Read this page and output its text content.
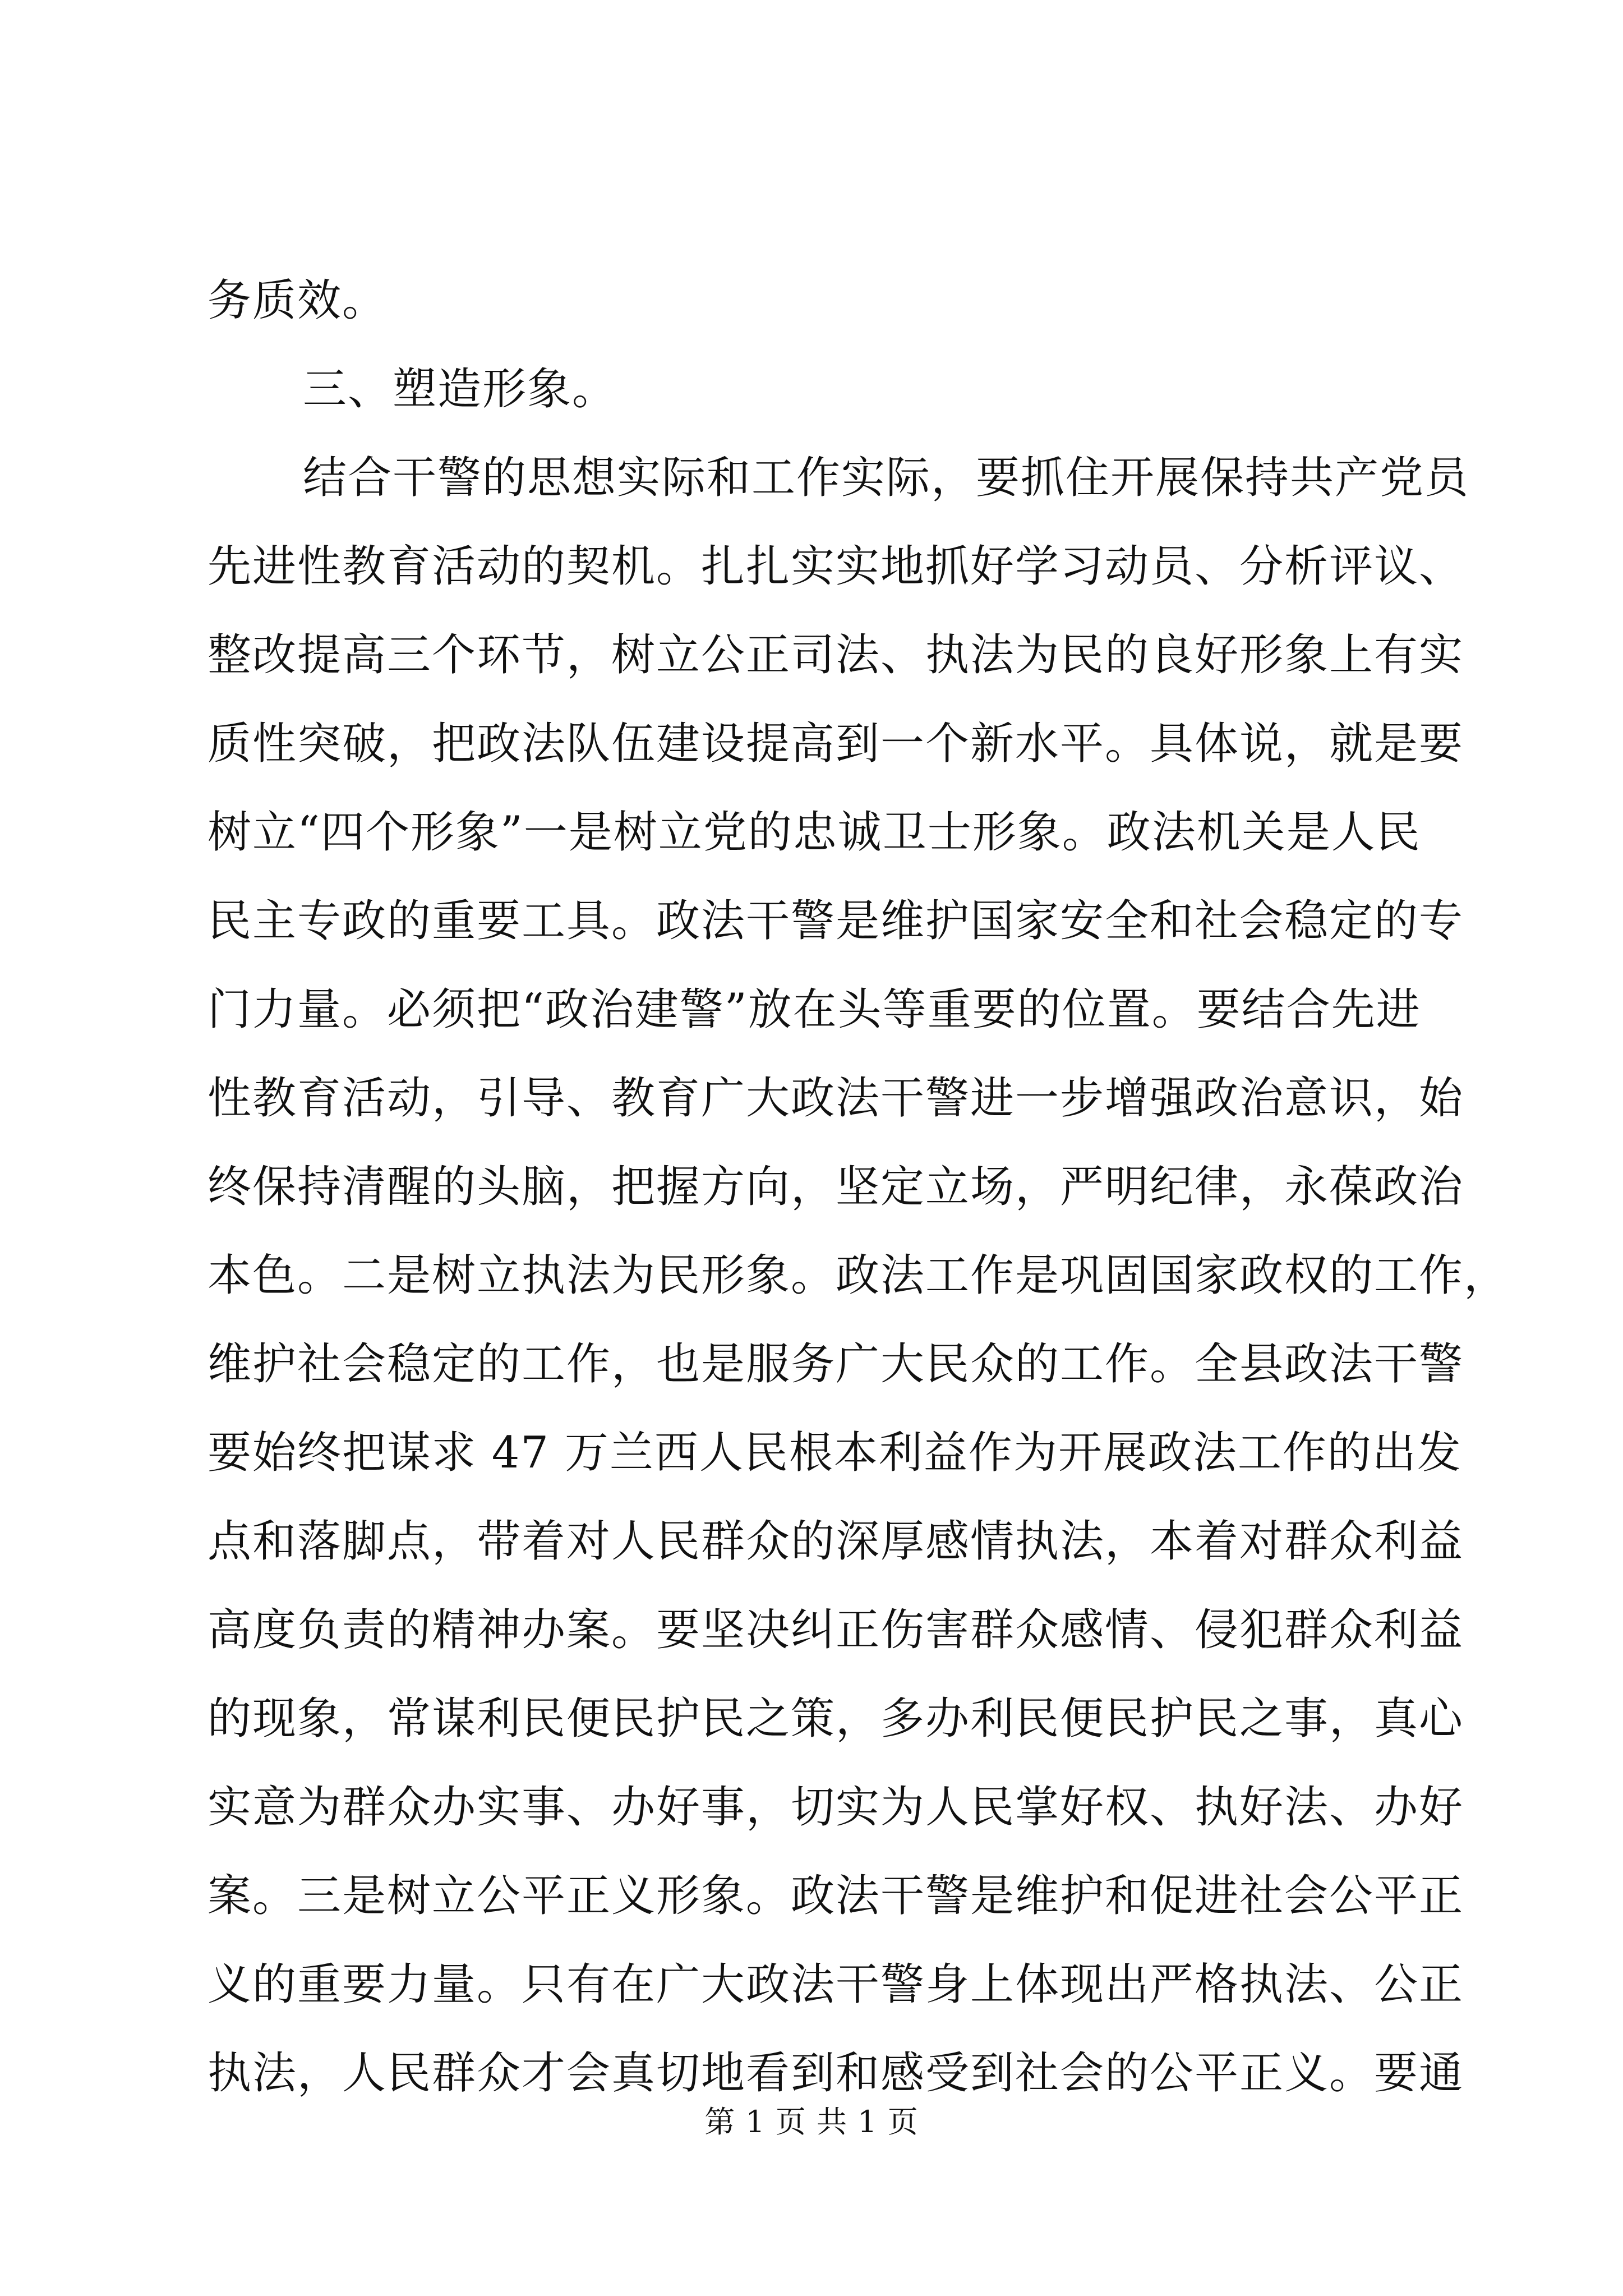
务质效。
三、塑造形象。
结合干警的思想实际和工作实际，要抓住开展保持共产党员
先进性教育活动的契机。扎扎实实地抓好学习动员、分析评议、
整改提高三个环节，树立公正司法、执法为民的良好形象上有实
质性突破，把政法队伍建设提高到一个新水平。具体说，就是要
树立“四个形象”一是树立党的忠诚卫士形象。政法机关是人民
民主专政的重要工具。政法干警是维护国家安全和社会稳定的专
门力量。必须把“政治建警”放在头等重要的位置。要结合先进
性教育活动，引导、教育广大政法干警进一步增强政治意识，始
终保持清醒的头脑，把握方向，坚定立场，严明纪律，永葆政治
本色。二是树立执法为民形象。政法工作是巩固国家政权的工作，
维护社会稳定的工作，也是服务广大民众的工作。全县政法干警
要始终把谋求 47 万兰西人民根本利益作为开展政法工作的出发
点和落脚点，带着对人民群众的深厚感情执法，本着对群众利益
高度负责的精神办案。要坚决纠正伤害群众感情、侵犯群众利益
的现象，常谋利民便民护民之策，多办利民便民护民之事，真心
实意为群众办实事、办好事，切实为人民掌好权、执好法、办好
案。三是树立公平正义形象。政法干警是维护和促进社会公平正
义的重要力量。只有在广大政法干警身上体现出严格执法、公正
执法，人民群众才会真切地看到和感受到社会的公平正义。要通
第 1 页 共 1 页
